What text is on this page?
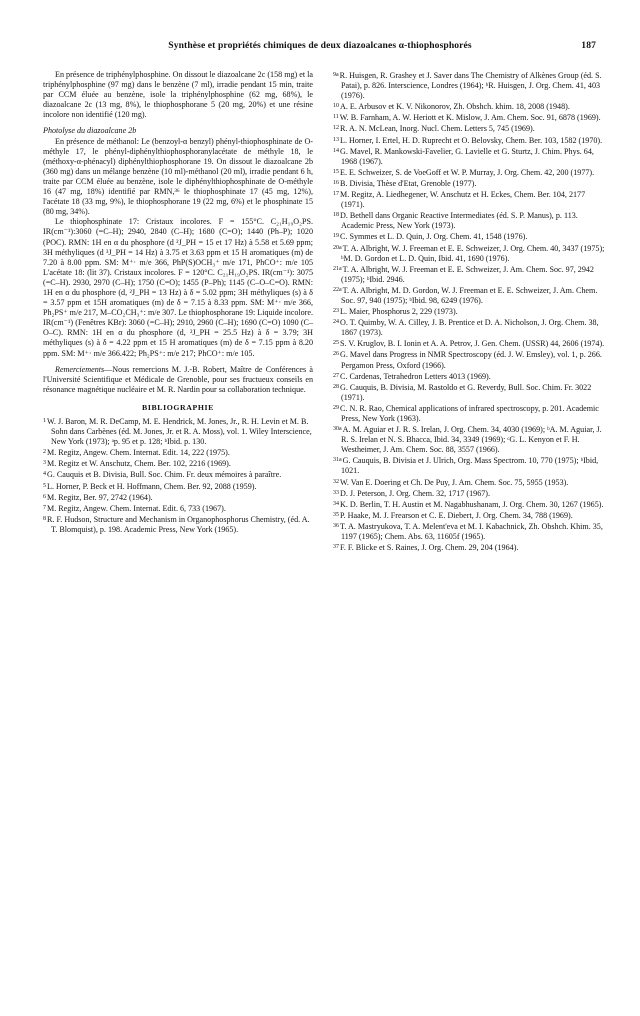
Synthèse et propriétés chimiques de deux diazoalcanes α-thiophosphorés	187

En présence de triphénylphosphine. On dissout le diazoalcane 2c (158 mg) et la triphénylphosphine (97 mg) dans le benzène (7 ml), irradie pendant 15 min, traite par CCM éluée au benzène, isole la triphénylphosphine (62 mg, 68%), le diazoalcane 2c (13 mg, 8%), le thiophosphorane 5 (20 mg, 20%) et une résine incolore non identifié (120 mg).

Photolyse du diazoalcane 2b

En présence de méthanol: Le (benzoyl-α benzyl) phényl-thiophosphinate de O-méthyle 17, le phényl-diphénylthiophosphoranylacétate de méthyle 18, le (méthoxy-α-phénacyl) diphénylthiophosphorane 19. On dissout le diazoalcane 2b (360 mg) dans un mélange benzène (10 ml)-méthanol (20 ml), irradie pendant 6 h, traite par CCM éluée au benzène, isole le diphénylthiophosphinate de O-méthyle 16 (47 mg, 18%) identifié par RMN,³⁶ le thiophosphinate 17 (45 mg, 12%), l'acétate 18 (33 mg, 9%), le thiophosphorane 19 (22 mg, 6%) et le phosphinate 15 (80 mg, 34%).

Le thiophosphinate 17: Cristaux incolores. F = 155°C. C₂₁H₁₉O₂PS. IR(cm⁻¹):3060 (=C–H); 2940, 2840 (C–H); 1680 (C=O); 1440 (Ph–P); 1020 (POC). RMN: 1H en α du phosphore (d ²J_PH = 15 et 17 Hz) à 5.58 et 5.69 ppm; 3H méthyliques (d ³J_PH = 14 Hz) à 3.75 et 3.63 ppm et 15 H aromatiques (m) de 7.20 à 8.00 ppm. SM: M⁺· m/e 366, PhP(S)OCH₃⁺ m/e 171, PhCO⁺: m/e 105 L'acétate 18: (lit 37). Cristaux incolores. F = 120°C. C₂₁H₁₉O₂PS. IR(cm⁻¹): 3075 (=C–H). 2930, 2970 (C–H); 1750 (C=O); 1455 (P–Ph); 1145 (C–O–C=O). RMN: 1H en α du phosphore (d, ²J_PH = 13 Hz) à δ = 5.02 ppm; 3H méthyliques (s) à δ = 3.57 ppm et 15H aromatiques (m) de δ = 7.15 à 8.33 ppm. SM: M⁺· m/e 366, Ph₂PS⁺ m/e 217, M–CO₂CH₃⁺: m/e 307. Le thiophosphorane 19: Liquide incolore. IR(cm⁻¹) (Fenêtres KBr): 3060 (=C–H); 2910, 2960 (C–H); 1690 (C=O) 1090 (C–O–C). RMN: 1H en α du phosphore (d, ²J_PH = 25.5 Hz) à δ = 3.79; 3H méthyliques (s) à δ = 4.22 ppm et 15 H aromatiques (m) de δ = 7.15 ppm à 8.20 ppm. SM: M⁺· m/e 366.422; Ph₂PS⁺: m/e 217; PhCO⁺: m/e 105.

Remerciements—Nous remercions M. J.-B. Robert, Maître de Conférences à l'Université Scientifique et Médicale de Grenoble, pour ses fructueux conseils en résonance magnétique nucléaire et M. R. Nardin pour sa collaboration technique.

BIBLIOGRAPHIE

$^1$W. J. Baron, M. R. DeCamp, M. E. Hendrick, M. Jones, Jr., R. H. Levin et M. B. Sohn dans Carbènes (éd. M. Jones, Jr. et R. A. Moss), vol. 1. Wiley Interscience, New York (1973); ᵃp. 95 et p. 128; ᵇIbid. p. 130.

$^2$M. Regitz, Angew. Chem. Internat. Edit. 14, 222 (1975).

$^3$M. Regitz et W. Anschutz, Chem. Ber. 102, 2216 (1969).

$^4$G. Cauquis et B. Divisia, Bull. Soc. Chim. Fr. deux mémoires à paraître.

$^5$L. Horner, P. Beck et H. Hoffmann, Chem. Ber. 92, 2088 (1959).

$^6$M. Regitz, Ber. 97, 2742 (1964).

$^7$M. Regitz, Angew. Chem. Internat. Edit. 6, 733 (1967).

$^8$R. F. Hudson, Structure and Mechanism in Organophosphorus Chemistry, (éd. A. T. Blomquist), p. 198. Academic Press, New York (1965).

$^{9a}$R. Huisgen, R. Grashey et J. Saver dans The Chemistry of Alkènes Group (éd. S. Patai), p. 826. Interscience, Londres (1964); ᵇR. Huisgen, J. Org. Chem. 41, 403 (1976).

$^{10}$A. E. Arbusov et K. V. Nikonorov, Zh. Obshch. khim. 18, 2008 (1948).

$^{11}$W. B. Farnham, A. W. Heriott et K. Mislow, J. Am. Chem. Soc. 91, 6878 (1969).

$^{12}$R. A. N. McLean, Inorg. Nucl. Chem. Letters 5, 745 (1969).

$^{13}$L. Horner, I. Ertel, H. D. Ruprecht et O. Belovsky, Chem. Ber. 103, 1582 (1970).

$^{14}$G. Mavel, R. Mankowski-Favelier, G. Lavielle et G. Sturtz, J. Chim. Phys. 64, 1968 (1967).

$^{15}$E. E. Schweizer, S. de VoeGoff et W. P. Murray, J. Org. Chem. 42, 200 (1977).

$^{16}$B. Divisia, Thèse d'Etat, Grenoble (1977).

$^{17}$M. Regitz, A. Liedhegener, W. Anschutz et H. Eckes, Chem. Ber. 104, 2177 (1971).

$^{18}$D. Bethell dans Organic Reactive Intermediates (éd. S. P. Manus), p. 113. Academic Press, New York (1973).

$^{19}$C. Symmes et L. D. Quin, J. Org. Chem. 41, 1548 (1976).

$^{20a}$T. A. Albright, W. J. Freeman et E. E. Schweizer, J. Org. Chem. 40, 3437 (1975); ᵇM. D. Gordon et L. D. Quin, Ibid. 41, 1690 (1976).

$^{21a}$T. A. Albright, W. J. Freeman et E. E. Schweizer, J. Am. Chem. Soc. 97, 2942 (1975); ᵇIbid. 2946.

$^{22a}$T. A. Albright, M. D. Gordon, W. J. Freeman et E. E. Schweizer, J. Am. Chem. Soc. 97, 940 (1975); ᵇIbid. 98, 6249 (1976).

$^{23}$L. Maier, Phosphorus 2, 229 (1973).

$^{24}$O. T. Quimby, W. A. Cilley, J. B. Prentice et D. A. Nicholson, J. Org. Chem. 38, 1867 (1973).

$^{25}$S. V. Kruglov, B. I. Ionin et A. A. Petrov, J. Gen. Chem. (USSR) 44, 2606 (1974).

$^{26}$G. Mavel dans Progress in NMR Spectroscopy (éd. J. W. Emsley), vol. 1, p. 266. Pergamon Press, Oxford (1966).

$^{27}$C. Cardenas, Tetrahedron Letters 4013 (1969).

$^{28}$G. Cauquis, B. Divisia, M. Rastoldo et G. Reverdy, Bull. Soc. Chim. Fr. 3022 (1971).

$^{29}$C. N. R. Rao, Chemical applications of infrared spectroscopy, p. 201. Academic Press, New York (1963).

$^{30a}$A. M. Aguiar et J. R. S. Irelan, J. Org. Chem. 34, 4030 (1969); ᵇA. M. Aguiar, J. R. S. Irelan et N. S. Bhacca, Ibid. 34, 3349 (1969); ᶜG. L. Kenyon et F. H. Westheimer, J. Am. Chem. Soc. 88, 3557 (1966).

$^{31a}$G. Cauquis, B. Divisia et J. Ulrich, Org. Mass Spectrom. 10, 770 (1975); ᵇIbid, 1021.

$^{32}$W. Van E. Doering et Ch. De Puy, J. Am. Chem. Soc. 75, 5955 (1953).

$^{33}$D. J. Peterson, J. Org. Chem. 32, 1717 (1967).

$^{34}$K. D. Berlin, T. H. Austin et M. Nagabhushanam, J. Org. Chem. 30, 1267 (1965).

$^{35}$P. Haake, M. J. Frearson et C. E. Diebert, J. Org. Chem. 34, 788 (1969).

$^{36}$T. A. Mastryukova, T. A. Melent'eva et M. I. Kabachnick, Zh. Obshch. Khim. 35, 1197 (1965); Chem. Abs. 63, 11605f (1965).

$^{37}$F. F. Blicke et S. Raines, J. Org. Chem. 29, 204 (1964).
